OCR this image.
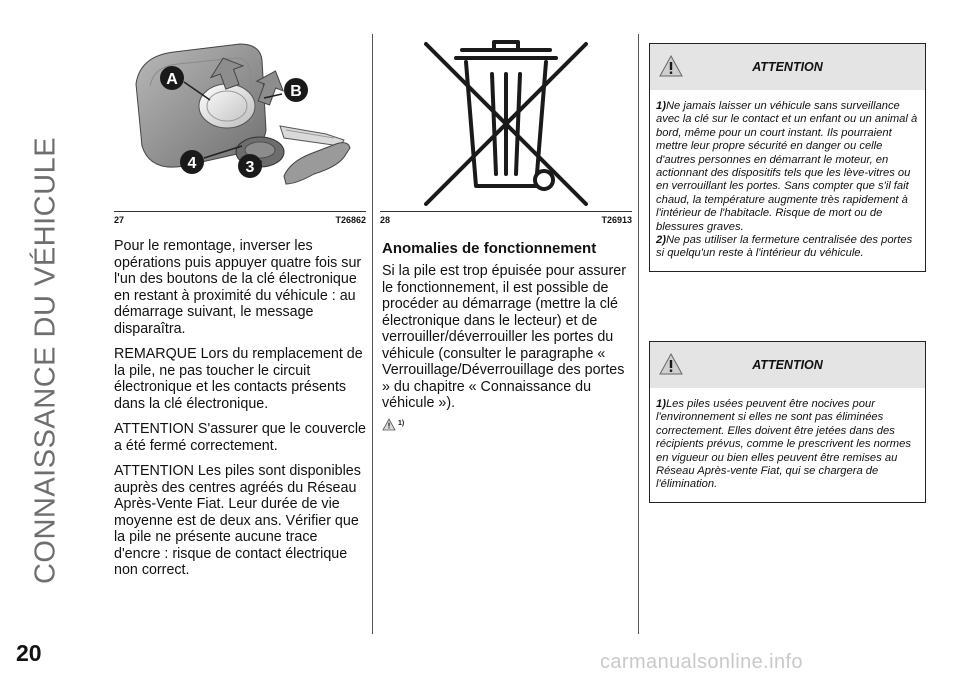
CONNAISSANCE DU VÉHICULE
A
B
4	3
27	T26862 28	T26913

Pour le remontage, inverser les opérations puis appuyer quatre fois sur l'un des boutons de la clé électronique en restant à proximité du véhicule : au démarrage suivant, le message disparaîtra.

REMARQUE Lors du remplacement de la pile, ne pas toucher le circuit électronique et les contacts présents dans la clé électronique.

ATTENTION S'assurer que le couvercle a été fermé correctement.

ATTENTION Les piles sont disponibles auprès des centres agréés du Réseau Après-Vente Fiat. Leur durée de vie moyenne est de deux ans. Vérifier que la pile ne présente aucune trace d'encre : risque de contact électrique non correct.

Anomalies de fonctionnement

Si la pile est trop épuisée pour assurer le fonctionnement, il est possible de procéder au démarrage (mettre la clé électronique dans le lecteur) et de verrouiller/déverrouiller les portes du véhicule (consulter le paragraphe « Verrouillage/Déverrouillage des portes » du chapitre « Connaissance du véhicule »).

1)
ATTENTION
1)Ne jamais laisser un véhicule sans surveillance avec la clé sur le contact et un enfant ou un animal à bord, même pour un court instant. Ils pourraient mettre leur propre sécurité en danger ou celle d'autres personnes en démarrant le moteur, en actionnant des dispositifs tels que les lève-vitres ou en verrouillant les portes. Sans compter que s'il fait chaud, la température augmente très rapidement à l'intérieur de l'habitacle. Risque de mort ou de blessures graves.
2)Ne pas utiliser la fermeture centralisée des portes si quelqu'un reste à l'intérieur du véhicule.
ATTENTION
1)Les piles usées peuvent être nocives pour l'environnement si elles ne sont pas éliminées correctement. Elles doivent être jetées dans des récipients prévus, comme le prescrivent les normes en vigueur ou bien elles peuvent être remises au Réseau Après-vente Fiat, qui se chargera de l'élimination.
20	carmanualsonline.info
